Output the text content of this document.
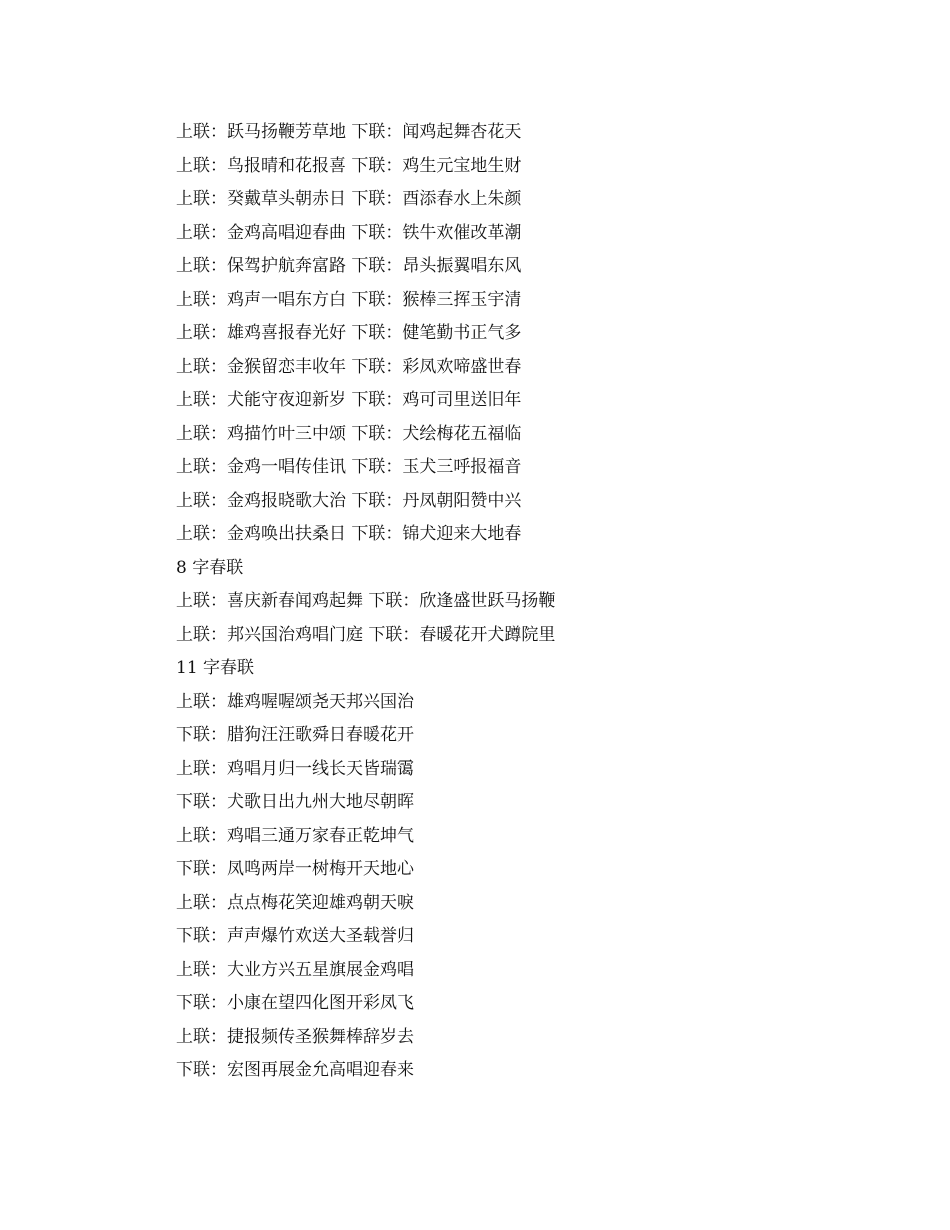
上联：跃马扬鞭芳草地 下联：闻鸡起舞杏花天
上联：鸟报晴和花报喜 下联：鸡生元宝地生财
上联：癸戴草头朝赤日 下联：酉添春水上朱颜
上联：金鸡高唱迎春曲 下联：铁牛欢催改革潮
上联：保驾护航奔富路 下联：昂头振翼唱东风
上联：鸡声一唱东方白 下联：猴棒三挥玉宇清
上联：雄鸡喜报春光好 下联：健笔勤书正气多
上联：金猴留恋丰收年 下联：彩凤欢啼盛世春
上联：犬能守夜迎新岁 下联：鸡可司里送旧年
上联：鸡描竹叶三中颂 下联：犬绘梅花五福临
上联：金鸡一唱传佳讯 下联：玉犬三呼报福音
上联：金鸡报晓歌大治 下联：丹凤朝阳赞中兴
上联：金鸡唤出扶桑日 下联：锦犬迎来大地春
8 字春联
上联：喜庆新春闻鸡起舞 下联：欣逢盛世跃马扬鞭
上联：邦兴国治鸡唱门庭 下联：春暖花开犬蹲院里
11 字春联
上联：雄鸡喔喔颂尧天邦兴国治
下联：腊狗汪汪歌舜日春暖花开
上联：鸡唱月归一线长天皆瑞霭
下联：犬歌日出九州大地尽朝晖
上联：鸡唱三通万家春正乾坤气
下联：凤鸣两岸一树梅开天地心
上联：点点梅花笑迎雄鸡朝天唳
下联：声声爆竹欢送大圣载誉归
上联：大业方兴五星旗展金鸡唱
下联：小康在望四化图开彩凤飞
上联：捷报频传圣猴舞棒辞岁去
下联：宏图再展金允高唱迎春来
